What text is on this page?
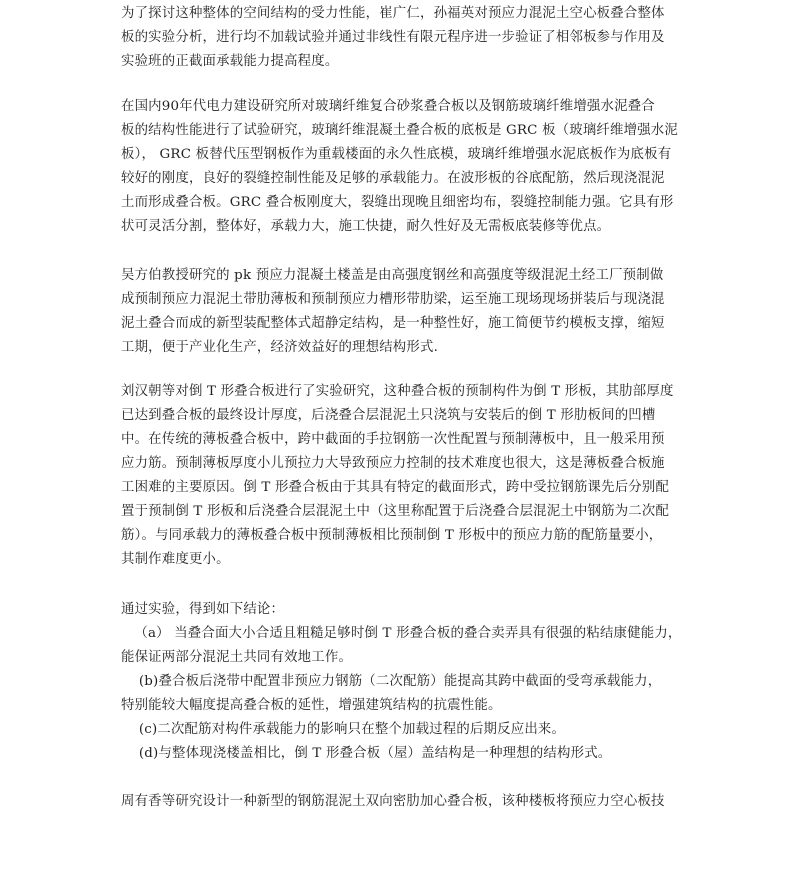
为了探讨这种整体的空间结构的受力性能，崔广仁，孙福英对预应力混泥土空心板叠合整体
板的实验分析，进行均不加载试验并通过非线性有限元程序进一步验证了相邻板参与作用及
实验班的正截面承载能力提高程度。
在国内90年代电力建设研究所对玻璃纤维复合砂浆叠合板以及钢筋玻璃纤维增强水泥叠合
板的结构性能进行了试验研究，玻璃纤维混凝土叠合板的底板是 GRC 板（玻璃纤维增强水泥
板）， GRC 板替代压型钢板作为重载楼面的永久性底模，玻璃纤维增强水泥底板作为底板有
较好的刚度，良好的裂缝控制性能及足够的承载能力。在波形板的谷底配筋，然后现浇混泥
土而形成叠合板。GRC 叠合板刚度大，裂缝出现晚且细密均布，裂缝控制能力强。它具有形
状可灵活分割，整体好，承载力大，施工快捷，耐久性好及无需板底装修等优点。
吴方伯教授研究的 pk 预应力混凝土楼盖是由高强度钢丝和高强度等级混泥土经工厂预制做
成预制预应力混泥土带肋薄板和预制预应力槽形带肋梁，运至施工现场现场拼装后与现浇混
泥土叠合而成的新型装配整体式超静定结构，是一种整性好，施工简便节约模板支撑，缩短
工期，便于产业化生产，经济效益好的理想结构形式.
刘汉朝等对倒 T 形叠合板进行了实验研究，这种叠合板的预制构件为倒 T 形板，其肋部厚度
已达到叠合板的最终设计厚度，后浇叠合层混泥土只浇筑与安装后的倒 T 形肋板间的凹槽
中。在传统的薄板叠合板中，跨中截面的手拉钢筋一次性配置与预制薄板中，且一般采用预
应力筋。预制薄板厚度小儿预拉力大导致预应力控制的技术难度也很大，这是薄板叠合板施
工困难的主要原因。倒 T 形叠合板由于其具有特定的截面形式，跨中受拉钢筋课先后分别配
置于预制倒 T 形板和后浇叠合层混泥土中（这里称配置于后浇叠合层混泥土中钢筋为二次配
筋）。与同承载力的薄板叠合板中预制薄板相比预制倒 T 形板中的预应力筋的配筋量要小，
其制作难度更小。
通过实验，得到如下结论：
（a） 当叠合面大小合适且粗糙足够时倒 T 形叠合板的叠合卖弄具有很强的粘结康健能力，
能保证两部分混泥土共同有效地工作。
(b)叠合板后浇带中配置非预应力钢筋（二次配筋）能提高其跨中截面的受弯承载能力，
特别能较大幅度提高叠合板的延性，增强建筑结构的抗震性能。
(c)二次配筋对构件承载能力的影响只在整个加载过程的后期反应出来。
(d)与整体现浇楼盖相比，倒 T 形叠合板（屋）盖结构是一种理想的结构形式。
周有香等研究设计一种新型的钢筋混泥土双向密肋加心叠合板，该种楼板将预应力空心板技
